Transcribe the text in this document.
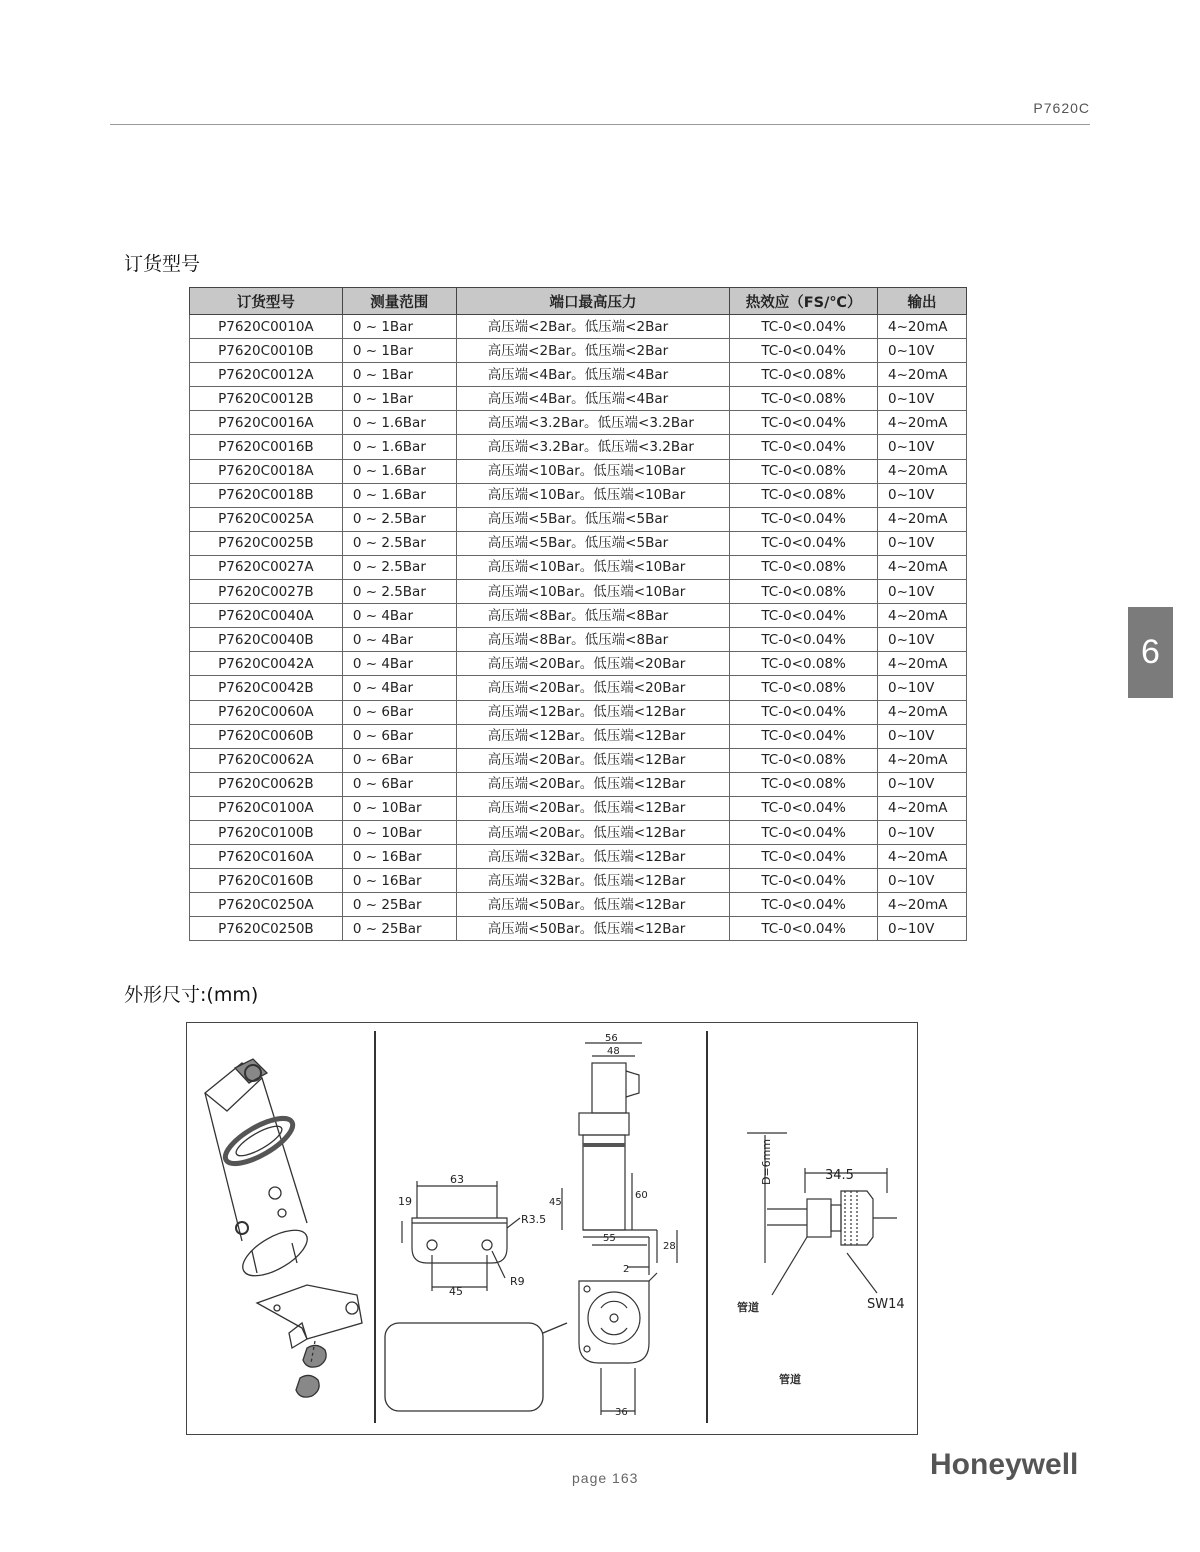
P7620C
订货型号
订货型号	测量范围	端口最高压力	热效应（FS/℃）	输出
P7620C0010A	0 ~ 1Bar	高压端<2Bar。低压端<2Bar	TC-0<0.04%	4~20mA
P7620C0010B	0 ~ 1Bar	高压端<2Bar。低压端<2Bar	TC-0<0.04%	0~10V
P7620C0012A	0 ~ 1Bar	高压端<4Bar。低压端<4Bar	TC-0<0.08%	4~20mA
P7620C0012B	0 ~ 1Bar	高压端<4Bar。低压端<4Bar	TC-0<0.08%	0~10V
P7620C0016A	0 ~ 1.6Bar	高压端<3.2Bar。低压端<3.2Bar	TC-0<0.04%	4~20mA
P7620C0016B	0 ~ 1.6Bar	高压端<3.2Bar。低压端<3.2Bar	TC-0<0.04%	0~10V
P7620C0018A	0 ~ 1.6Bar	高压端<10Bar。低压端<10Bar	TC-0<0.08%	4~20mA
P7620C0018B	0 ~ 1.6Bar	高压端<10Bar。低压端<10Bar	TC-0<0.08%	0~10V
P7620C0025A	0 ~ 2.5Bar	高压端<5Bar。低压端<5Bar	TC-0<0.04%	4~20mA
P7620C0025B	0 ~ 2.5Bar	高压端<5Bar。低压端<5Bar	TC-0<0.04%	0~10V
P7620C0027A	0 ~ 2.5Bar	高压端<10Bar。低压端<10Bar	TC-0<0.08%	4~20mA
P7620C0027B	0 ~ 2.5Bar	高压端<10Bar。低压端<10Bar	TC-0<0.08%	0~10V
P7620C0040A	0 ~ 4Bar	高压端<8Bar。低压端<8Bar	TC-0<0.04%	4~20mA
P7620C0040B	0 ~ 4Bar	高压端<8Bar。低压端<8Bar	TC-0<0.04%	0~10V
P7620C0042A	0 ~ 4Bar	高压端<20Bar。低压端<20Bar	TC-0<0.08%	4~20mA
P7620C0042B	0 ~ 4Bar	高压端<20Bar。低压端<20Bar	TC-0<0.08%	0~10V
P7620C0060A	0 ~ 6Bar	高压端<12Bar。低压端<12Bar	TC-0<0.04%	4~20mA
P7620C0060B	0 ~ 6Bar	高压端<12Bar。低压端<12Bar	TC-0<0.04%	0~10V
P7620C0062A	0 ~ 6Bar	高压端<20Bar。低压端<12Bar	TC-0<0.08%	4~20mA
P7620C0062B	0 ~ 6Bar	高压端<20Bar。低压端<12Bar	TC-0<0.08%	0~10V
P7620C0100A	0 ~ 10Bar	高压端<20Bar。低压端<12Bar	TC-0<0.04%	4~20mA
P7620C0100B	0 ~ 10Bar	高压端<20Bar。低压端<12Bar	TC-0<0.04%	0~10V
P7620C0160A	0 ~ 16Bar	高压端<32Bar。低压端<12Bar	TC-0<0.04%	4~20mA
P7620C0160B	0 ~ 16Bar	高压端<32Bar。低压端<12Bar	TC-0<0.04%	0~10V
P7620C0250A	0 ~ 25Bar	高压端<50Bar。低压端<12Bar	TC-0<0.04%	4~20mA
P7620C0250B	0 ~ 25Bar	高压端<50Bar。低压端<12Bar	TC-0<0.04%	0~10V
6
外形尺寸:(mm)
63
19
45
R3.5
R9
56
48
45
60
55
28
2
36
34.5
D=6mm
SW14
管道
管道
page 163	Honeywell
